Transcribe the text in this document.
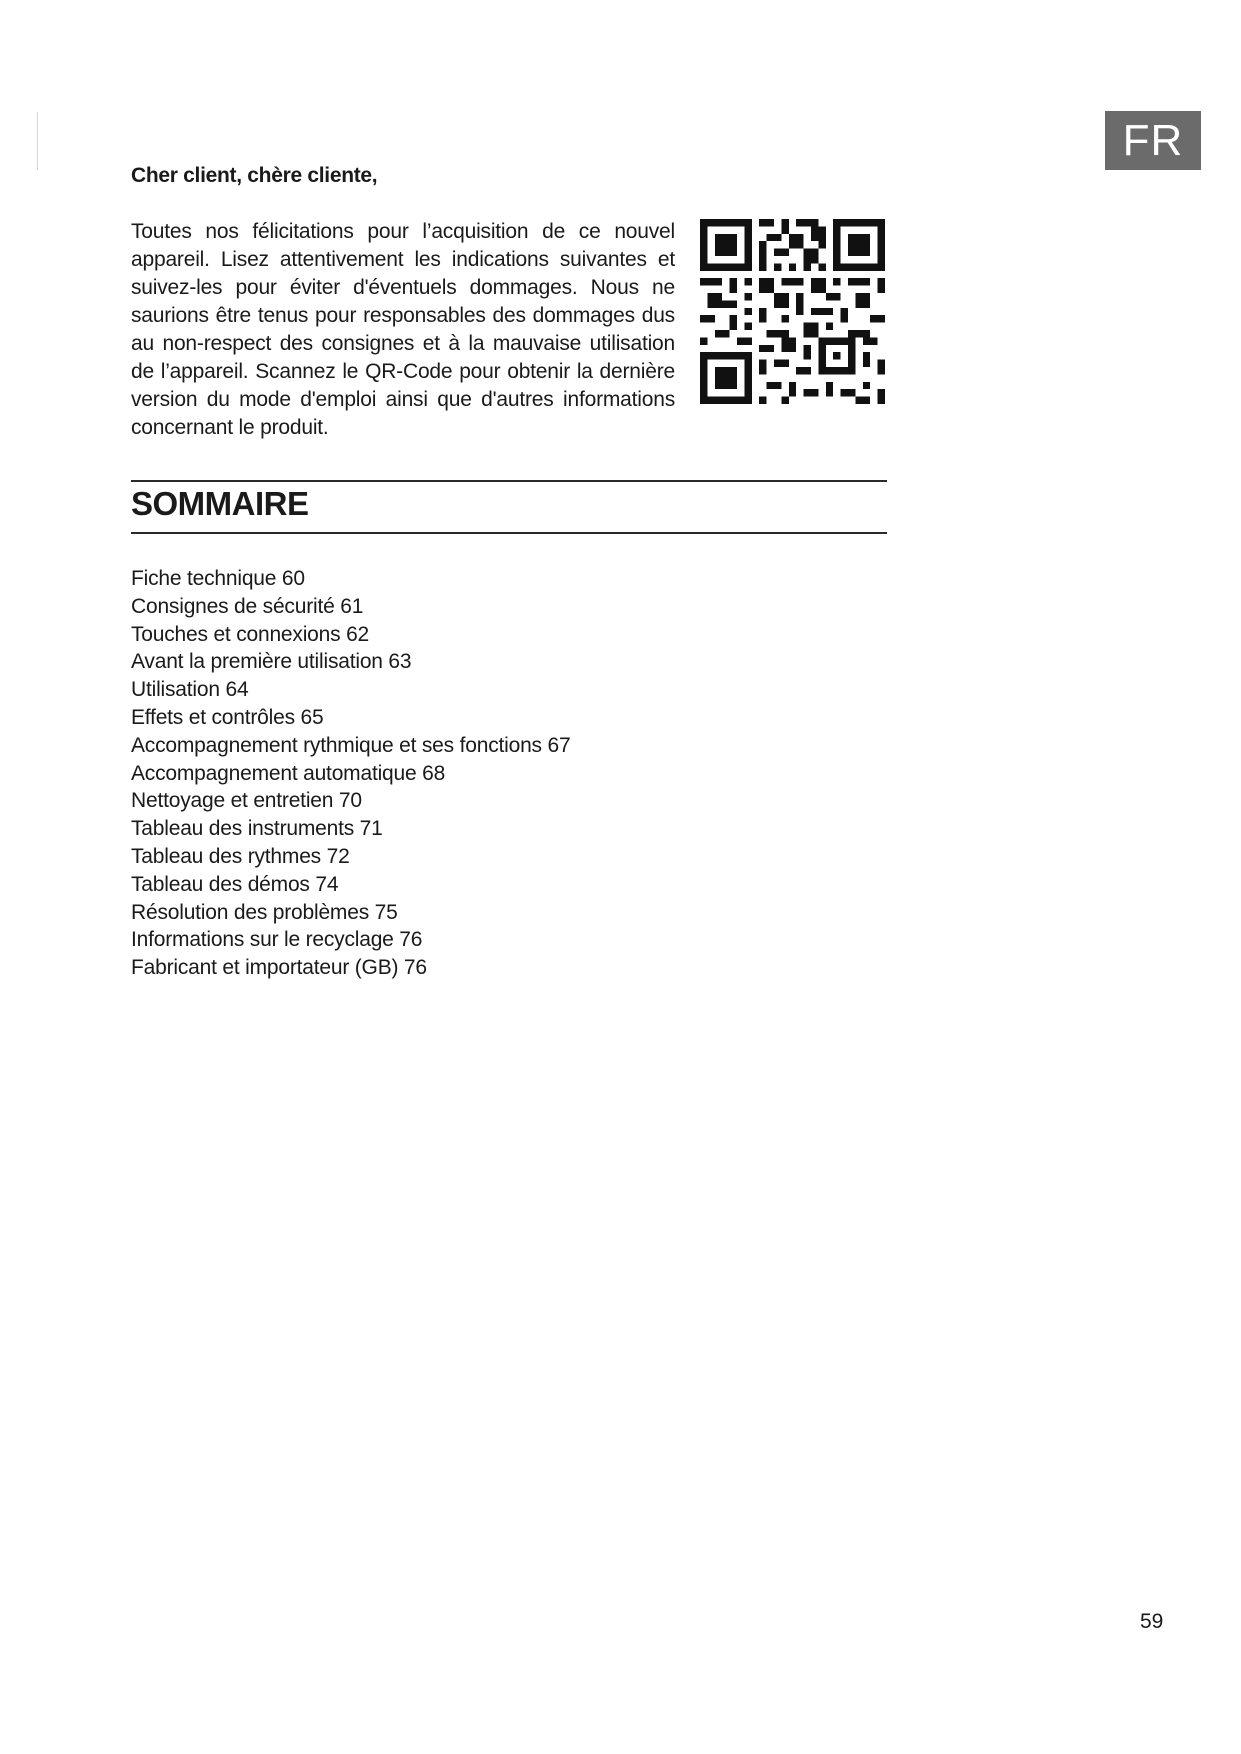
FR
Cher client, chère cliente,

Toutes nos félicitations pour l’acquisition de ce nouvel appareil. Lisez attentivement les indications suivantes et suivez-les pour éviter d'éventuels dommages. Nous ne saurions être tenus pour responsables des dommages dus au non-respect des consignes et à la mauvaise utilisation de l’appareil. Scannez le QR-Code pour obtenir la dernière version du mode d'emploi ainsi que d'autres informations concernant le produit.

SOMMAIRE
Fiche technique 60
Consignes de sécurité 61
Touches et connexions 62
Avant la première utilisation 63
Utilisation 64
Effets et contrôles 65
Accompagnement rythmique et ses fonctions 67
Accompagnement automatique 68
Nettoyage et entretien 70
Tableau des instruments 71
Tableau des rythmes 72
Tableau des démos 74
Résolution des problèmes 75
Informations sur le recyclage 76
Fabricant et importateur (GB) 76
59
